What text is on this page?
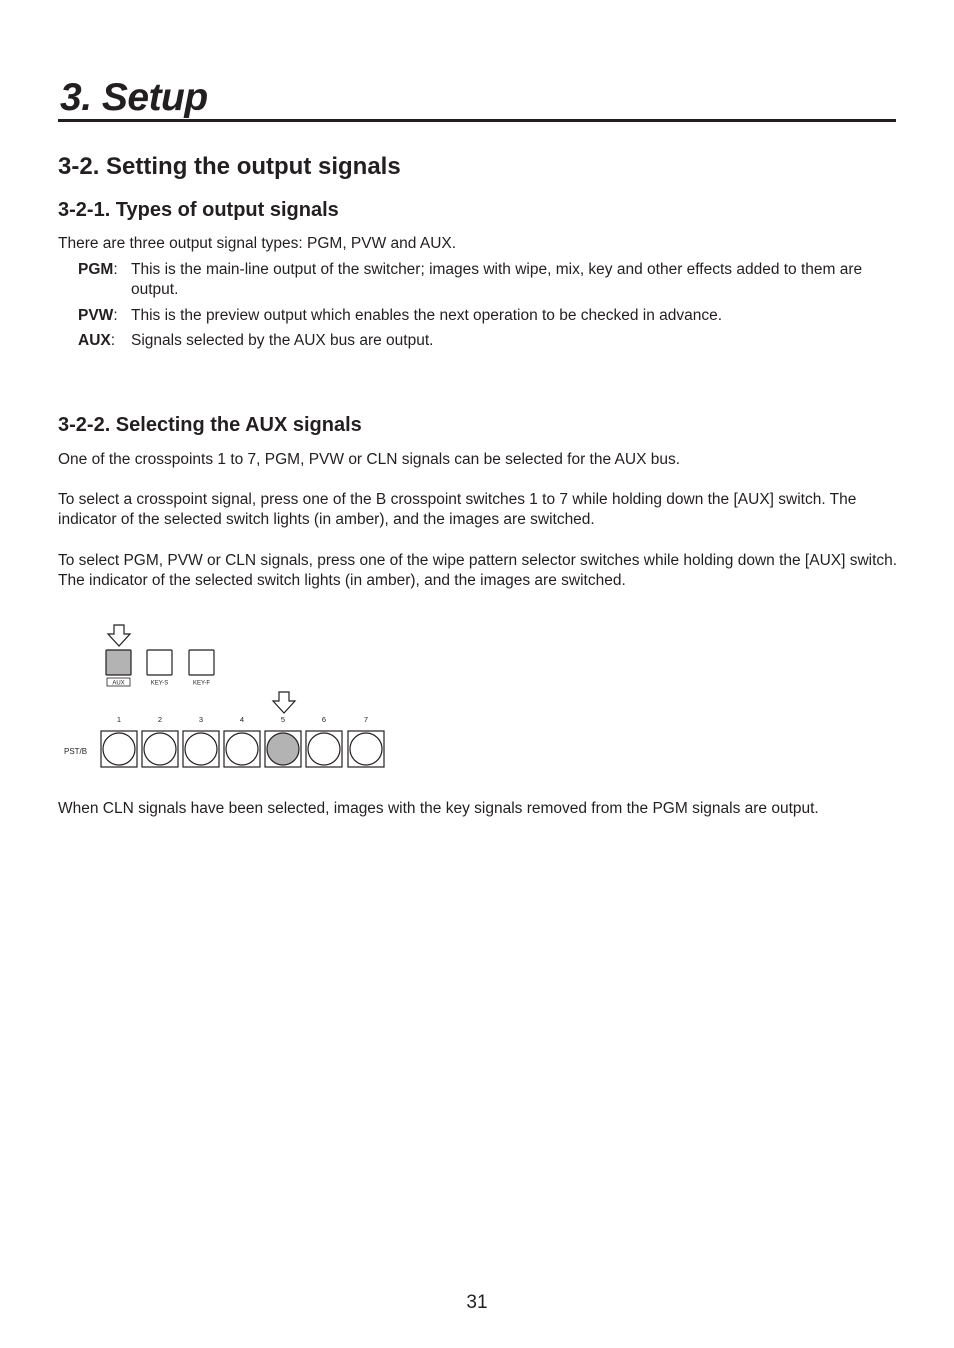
3. Setup
3-2. Setting the output signals
3-2-1. Types of output signals

There are three output signal types: PGM, PVW and AUX.

PGM: This is the main-line output of the switcher; images with wipe, mix, key and other effects added to them are output.
PVW: This is the preview output which enables the next operation to be checked in advance.
AUX:	Signals selected by the AUX bus are output.
3-2-2. Selecting the AUX signals

One of the crosspoints 1 to 7, PGM, PVW or CLN signals can be selected for the AUX bus.

To select a crosspoint signal, press one of the B crosspoint switches 1 to 7 while holding down the [AUX] switch. The indicator of the selected switch lights (in amber), and the images are switched.

To select PGM, PVW or CLN signals, press one of the wipe pattern selector switches while holding down the [AUX] switch. The indicator of the selected switch lights (in amber), and the images are switched.

AUX	KEY-S	KEY-F
1	2	3	4	5	6	7
PST/B

When CLN signals have been selected, images with the key signals removed from the PGM signals are output.

31
